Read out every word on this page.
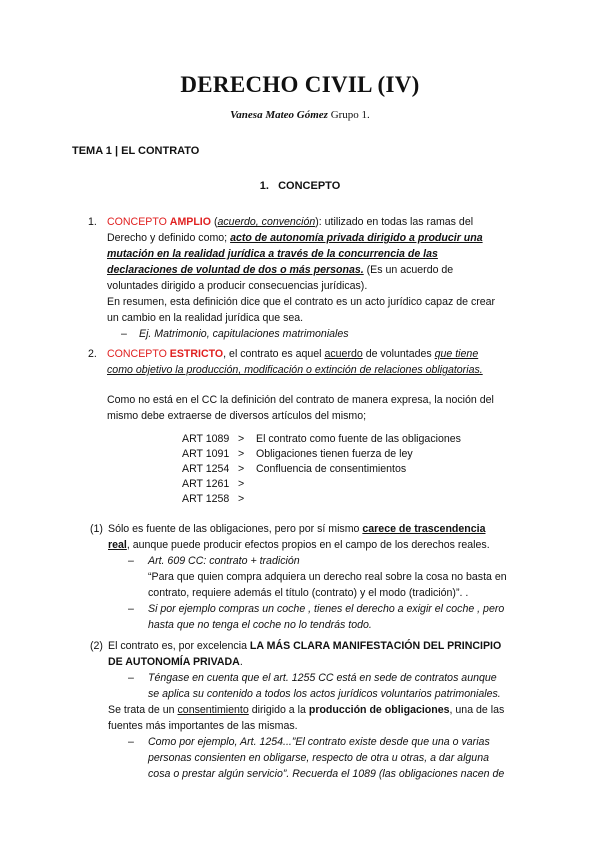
DERECHO CIVIL (IV)
Vanesa Mateo Gómez Grupo 1.
TEMA 1 | EL CONTRATO
1. CONCEPTO
1. CONCEPTO AMPLIO (acuerdo, convención): utilizado en todas las ramas del Derecho y definido como; acto de autonomía privada dirigido a producir una mutación en la realidad jurídica a través de la concurrencia de las declaraciones de voluntad de dos o más personas. (Es un acuerdo de voluntades dirigido a producir consecuencias jurídicas).
En resumen, esta definición dice que el contrato es un acto jurídico capaz de crear un cambio en la realidad jurídica que sea.
– Ej. Matrimonio, capitulaciones matrimoniales
2. CONCEPTO ESTRICTO, el contrato es aquel acuerdo de voluntades que tiene como objetivo la producción, modificación o extinción de relaciones obligatorias.
Como no está en el CC la definición del contrato de manera expresa, la noción del mismo debe extraerse de diversos artículos del mismo;
ART 1089 >	El contrato como fuente de las obligaciones
ART 1091 >	Obligaciones tienen fuerza de ley
ART 1254 >	Confluencia de consentimientos
ART 1261 >
ART 1258 >
(1) Sólo es fuente de las obligaciones, pero por sí mismo carece de trascendencia real, aunque puede producir efectos propios en el campo de los derechos reales.
– Art. 609 CC: contrato + tradición
“Para que quien compra adquiera un derecho real sobre la cosa no basta en contrato, requiere además el título (contrato) y el modo (tradición)”. .
– Si por ejemplo compras un coche , tienes el derecho a exigir el coche , pero hasta que no tenga el coche no lo tendrás todo.
(2) El contrato es, por excelencia LA MÁS CLARA MANIFESTACIÓN DEL PRINCIPIO DE AUTONOMÍA PRIVADA.
– Téngase en cuenta que el art. 1255 CC está en sede de contratos aunque se aplica su contenido a todos los actos jurídicos voluntarios patrimoniales.
Se trata de un consentimiento dirigido a la producción de obligaciones, una de las fuentes más importantes de las mismas.
– Como por ejemplo, Art. 1254...”El contrato existe desde que una o varias personas consienten en obligarse, respecto de otra u otras, a dar alguna cosa o prestar algún servicio”. Recuerda el 1089 (las obligaciones nacen de
